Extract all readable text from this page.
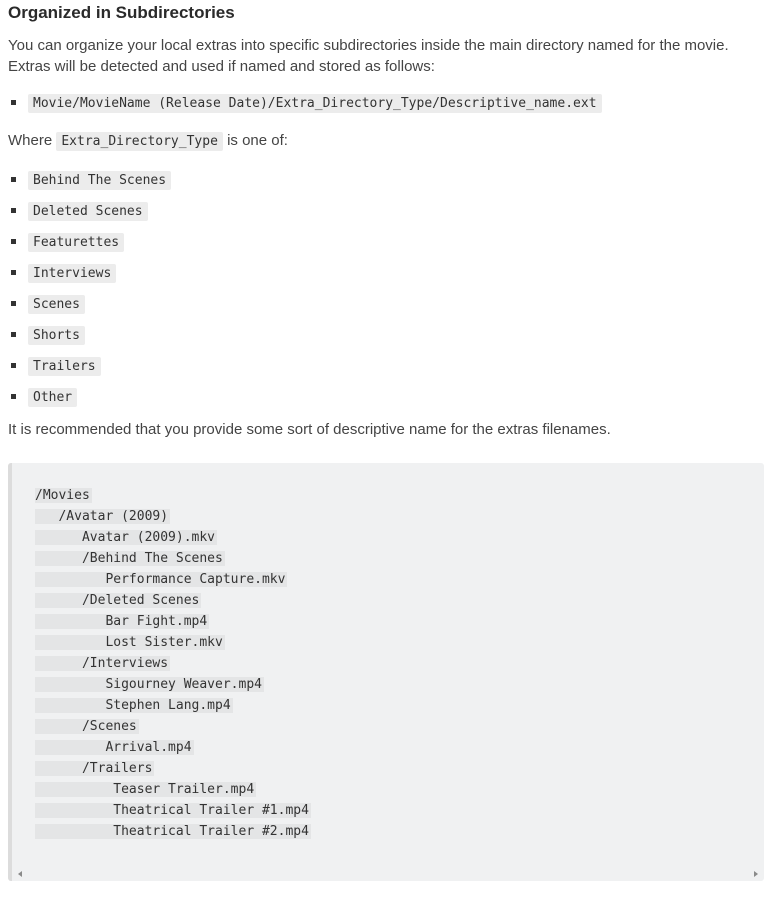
Organized in Subdirectories

You can organize your local extras into specific subdirectories inside the main directory named for the movie. Extras will be detected and used if named and stored as follows:

Movie/MovieName (Release Date)/Extra_Directory_Type/Descriptive_name.ext

Where Extra_Directory_Type is one of:

Behind The Scenes
Deleted Scenes
Featurettes
Interviews
Scenes
Shorts
Trailers
Other

It is recommended that you provide some sort of descriptive name for the extras filenames.

/Movies
/Avatar (2009)
Avatar (2009).mkv
/Behind The Scenes
Performance Capture.mkv
/Deleted Scenes
Bar Fight.mp4
Lost Sister.mkv
/Interviews
Sigourney Weaver.mp4
Stephen Lang.mp4
/Scenes
Arrival.mp4
/Trailers
Teaser Trailer.mp4
Theatrical Trailer #1.mp4
Theatrical Trailer #2.mp4
